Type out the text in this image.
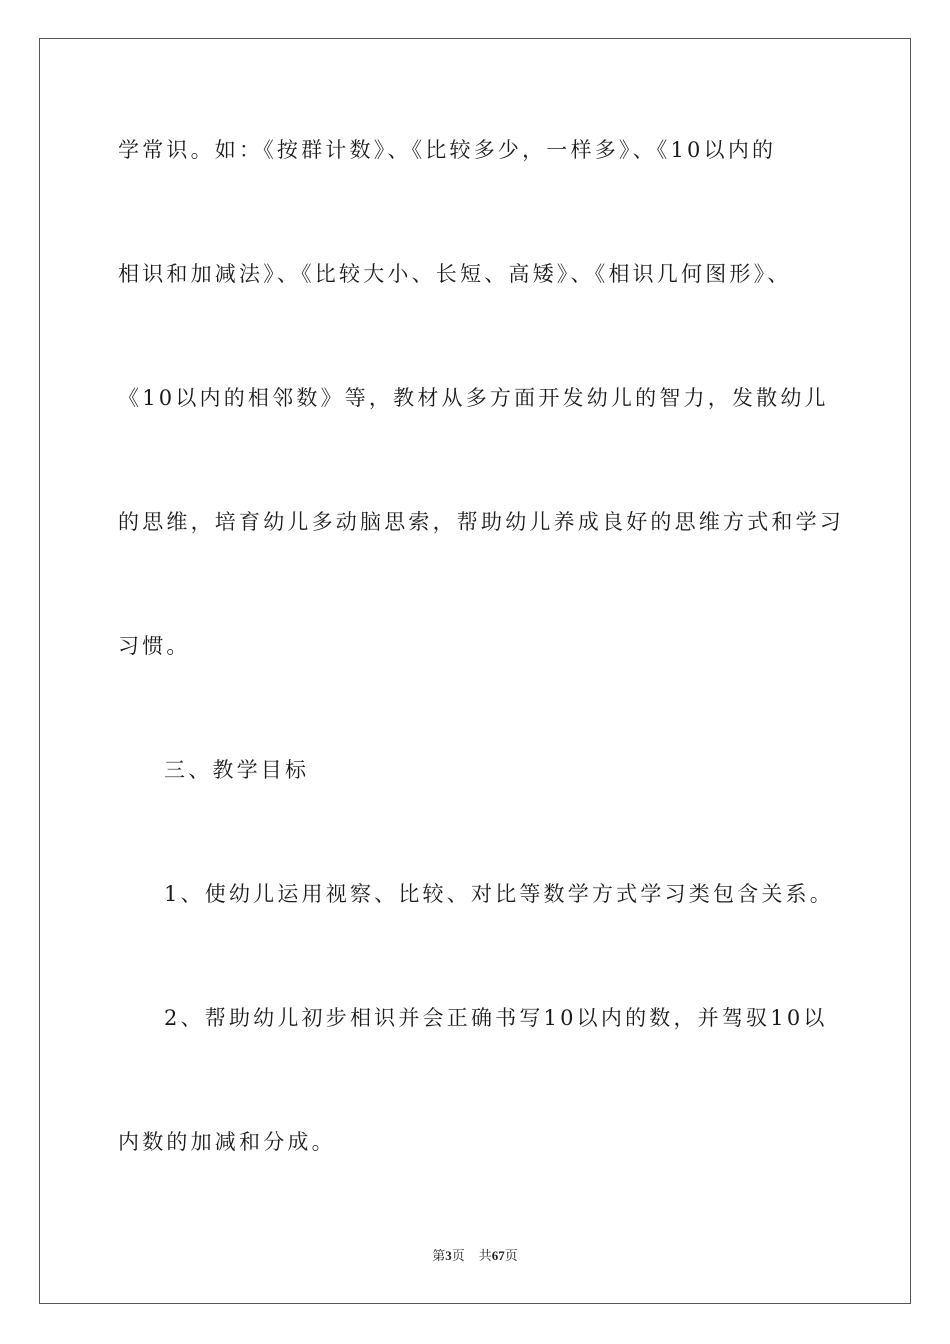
学常识。如：《按群计数》、《比较多少，一样多》、《10以内的
相识和加减法》、《比较大小、长短、高矮》、《相识几何图形》、
《10以内的相邻数》等，教材从多方面开发幼儿的智力，发散幼儿
的思维，培育幼儿多动脑思索，帮助幼儿养成良好的思维方式和学习
习惯。
三、教学目标
1、使幼儿运用视察、比较、对比等数学方式学习类包含关系。
2、帮助幼儿初步相识并会正确书写10以内的数，并驾驭10以
内数的加减和分成。
第3页 共67页
